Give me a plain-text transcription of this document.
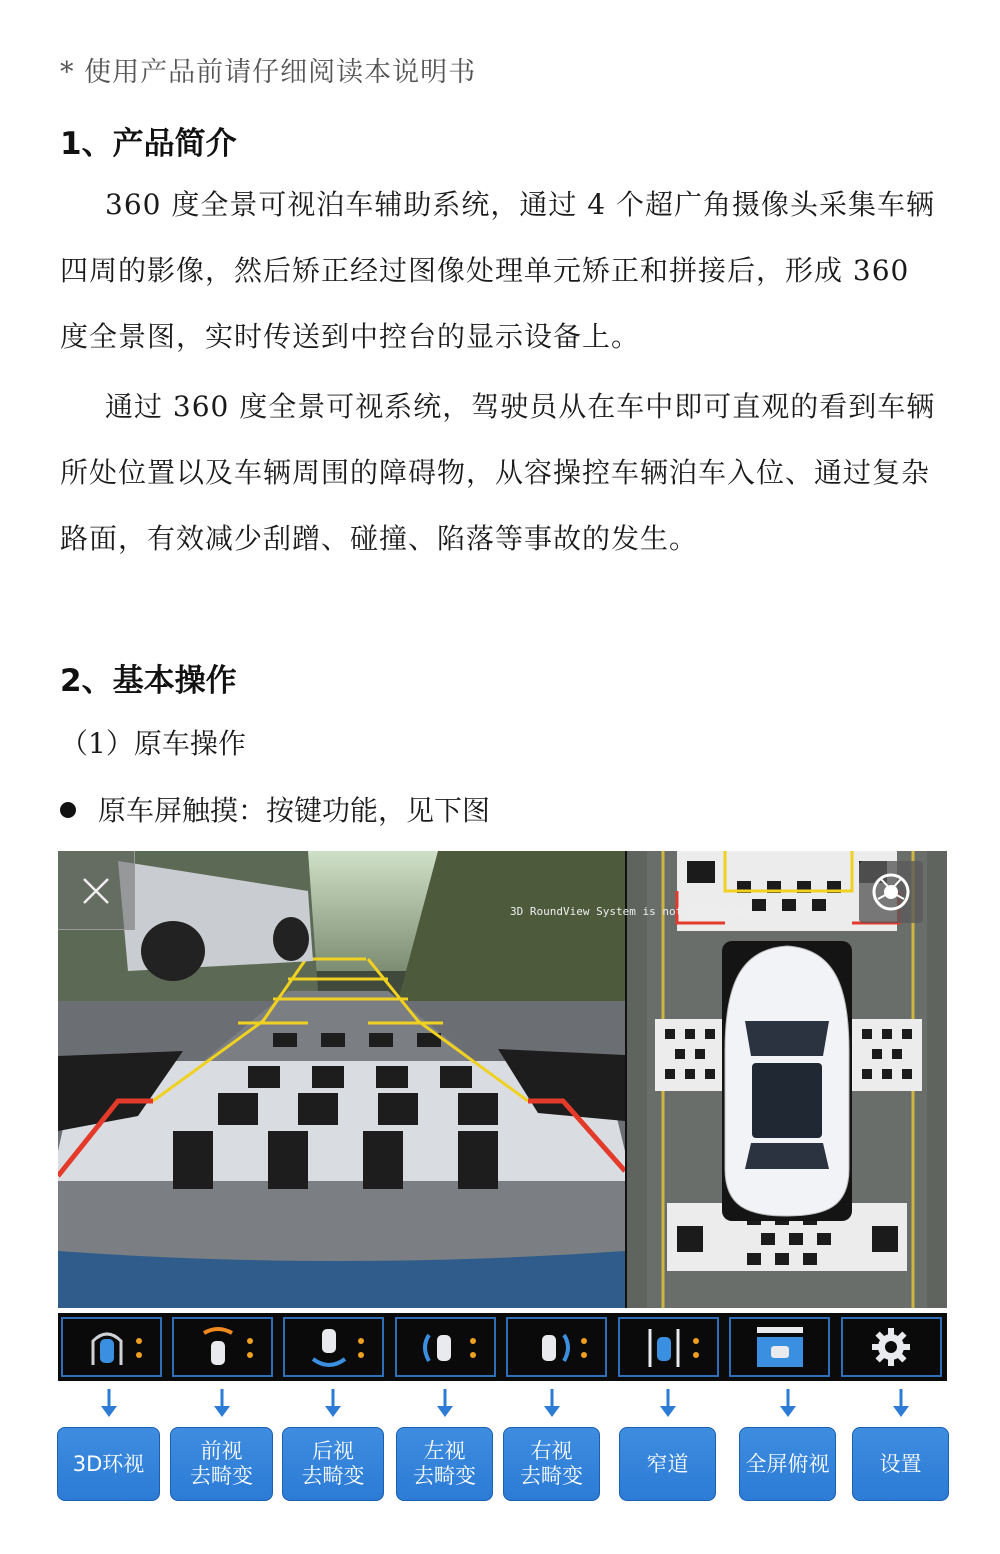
* 使用产品前请仔细阅读本说明书
1、产品简介
360 度全景可视泊车辅助系统，通过 4 个超广角摄像头采集车辆四周的影像，然后矫正经过图像处理单元矫正和拼接后，形成 360 度全景图，实时传送到中控台的显示设备上。
通过 360 度全景可视系统，驾驶员从在车中即可直观的看到车辆所处位置以及车辆周围的障碍物，从容操控车辆泊车入位、通过复杂路面，有效减少刮蹭、碰撞、陷落等事故的发生。
2、基本操作
（1）原车操作
原车屏触摸：按键功能，见下图
3D RoundView System is not activated
3D环视
前视
去畸变
后视
去畸变
左视
去畸变
右视
去畸变
窄道	全屏俯视	设置
